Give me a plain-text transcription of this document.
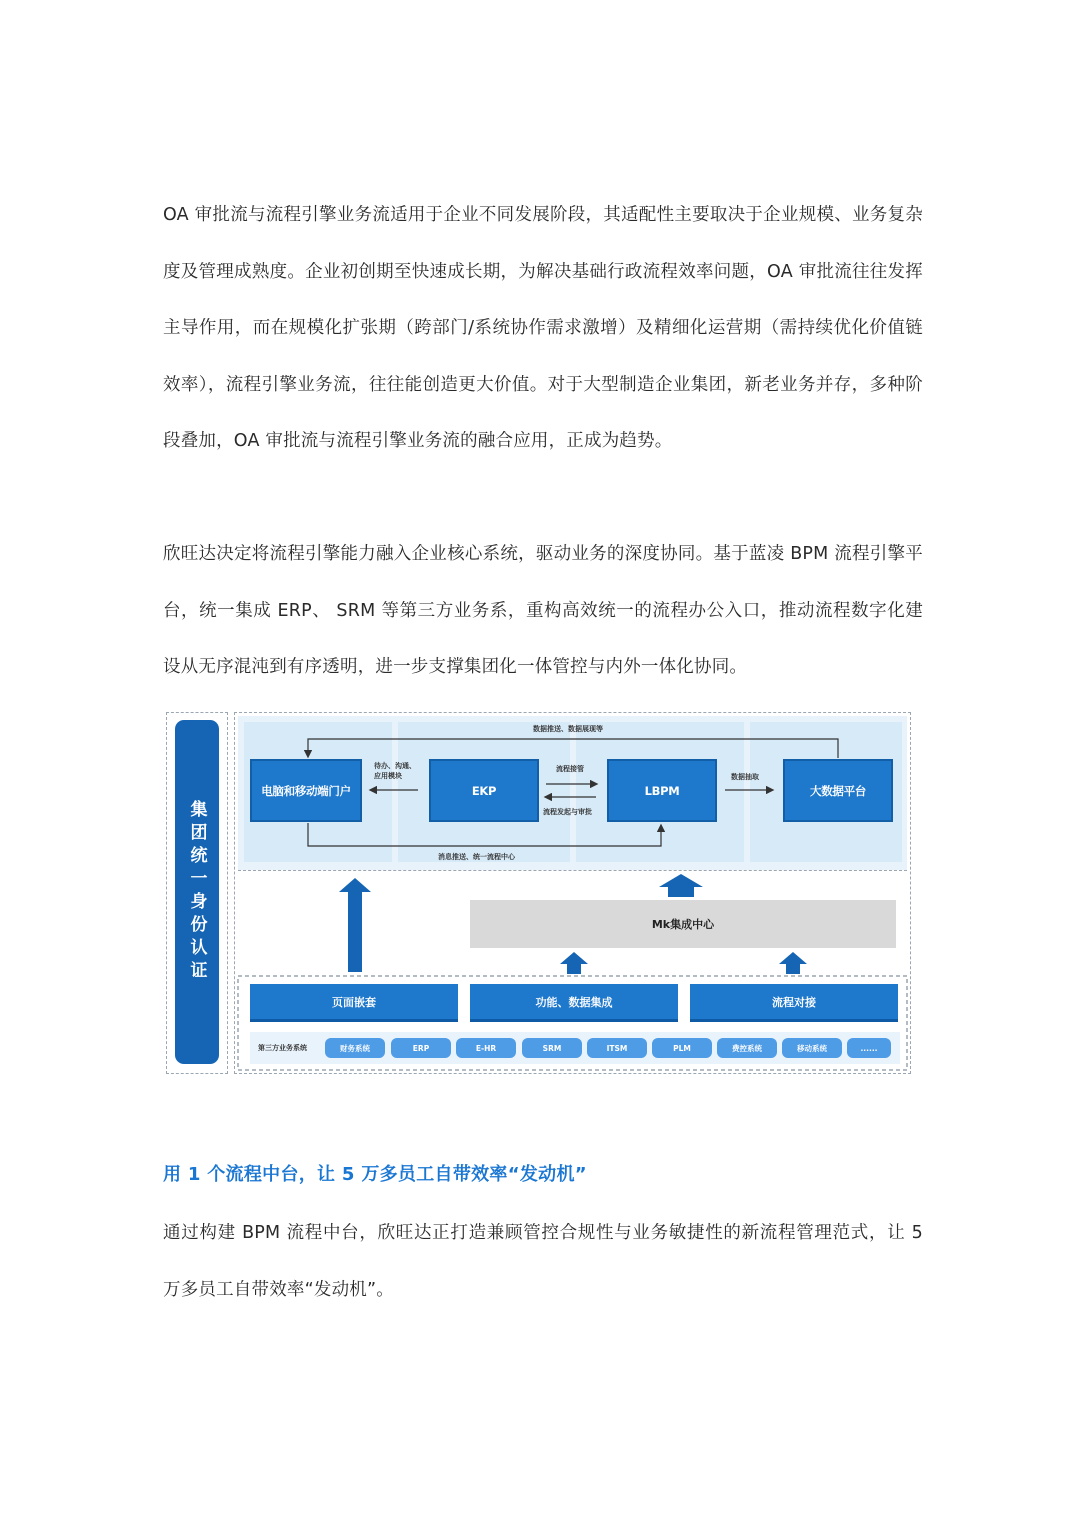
OA 审批流与流程引擎业务流适用于企业不同发展阶段，其适配性主要取决于企业规模、业务复杂度及管理成熟度。企业初创期至快速成长期，为解决基础行政流程效率问题，OA 审批流往往发挥主导作用，而在规模化扩张期（跨部门/系统协作需求激增）及精细化运营期（需持续优化价值链效率），流程引擎业务流，往往能创造更大价值。对于大型制造企业集团，新老业务并存，多种阶段叠加，OA 审批流与流程引擎业务流的融合应用，正成为趋势。

欣旺达决定将流程引擎能力融入企业核心系统，驱动业务的深度协同。基于蓝凌 BPM 流程引擎平台，统一集成 ERP、 SRM 等第三方业务系，重构高效统一的流程办公入口，推动流程数字化建设从无序混沌到有序透明，进一步支撑集团化一体管控与内外一体化协同。

集团统一身份认证
电脑和移动端门户	EKP	LBPM	大数据平台
数据推送、数据展现等
待办、沟通、应用模块
流程接管
流程发起与审批
数据抽取
消息推送、统一流程中心
Mk集成中心
页面嵌套	功能、数据集成	流程对接
第三方业务系统	财务系统	ERP	E-HR	SRM	ITSM	PLM	费控系统	移动系统	......
用 1 个流程中台，让 5 万多员工自带效率“发动机”

通过构建 BPM 流程中台，欣旺达正打造兼顾管控合规性与业务敏捷性的新流程管理范式，让 5 万多员工自带效率“发动机”。
